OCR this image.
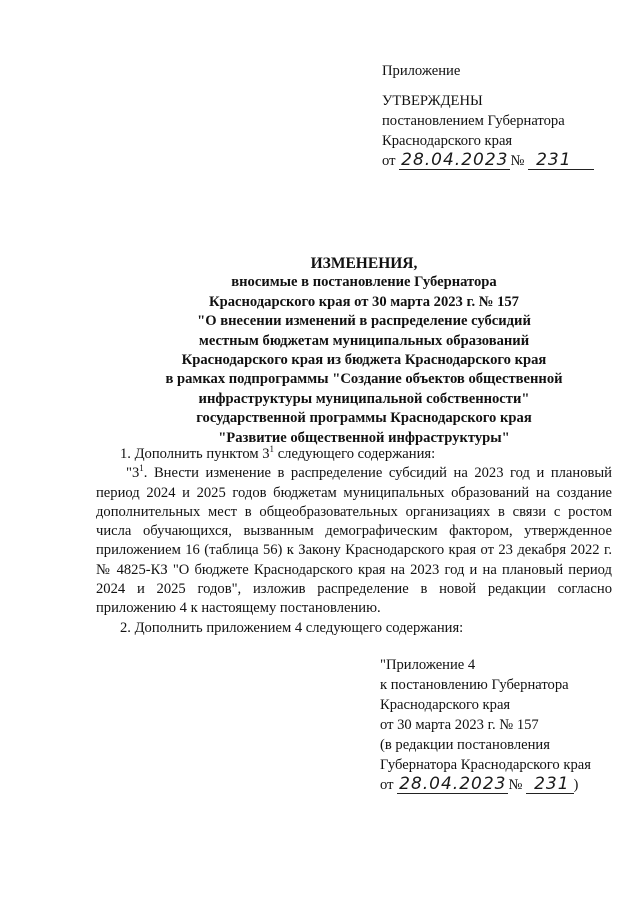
Приложение
УТВЕРЖДЕНЫ
постановлением Губернатора
Краснодарского края
от 28.04.2023 № 231
ИЗМЕНЕНИЯ,
вносимые в постановление Губернатора
Краснодарского края от 30 марта 2023 г. № 157
"О внесении изменений в распределение субсидий
местным бюджетам муниципальных образований
Краснодарского края из бюджета Краснодарского края
в рамках подпрограммы "Создание объектов общественной
инфраструктуры муниципальной собственности"
государственной программы Краснодарского края
"Развитие общественной инфраструктуры"

1. Дополнить пунктом $3^1$ следующего содержания:

"$3^1$. Внести изменение в распределение субсидий на 2023 год и плановый период 2024 и 2025 годов бюджетам муниципальных образований на создание дополнительных мест в общеобразовательных организациях в связи с ростом числа обучающихся, вызванным демографическим фактором, утвержденное приложением 16 (таблица 56) к Закону Краснодарского края от 23 декабря 2022 г. № 4825-КЗ "О бюджете Краснодарского края на 2023 год и на плановый период 2024 и 2025 годов", изложив распределение в новой редакции согласно приложению 4 к настоящему постановлению.

2. Дополнить приложением 4 следующего содержания:

"Приложение 4
к постановлению Губернатора
Краснодарского края
от 30 марта 2023 г. № 157
(в редакции постановления
Губернатора Краснодарского края
от 28.04.2023 № 231 )
